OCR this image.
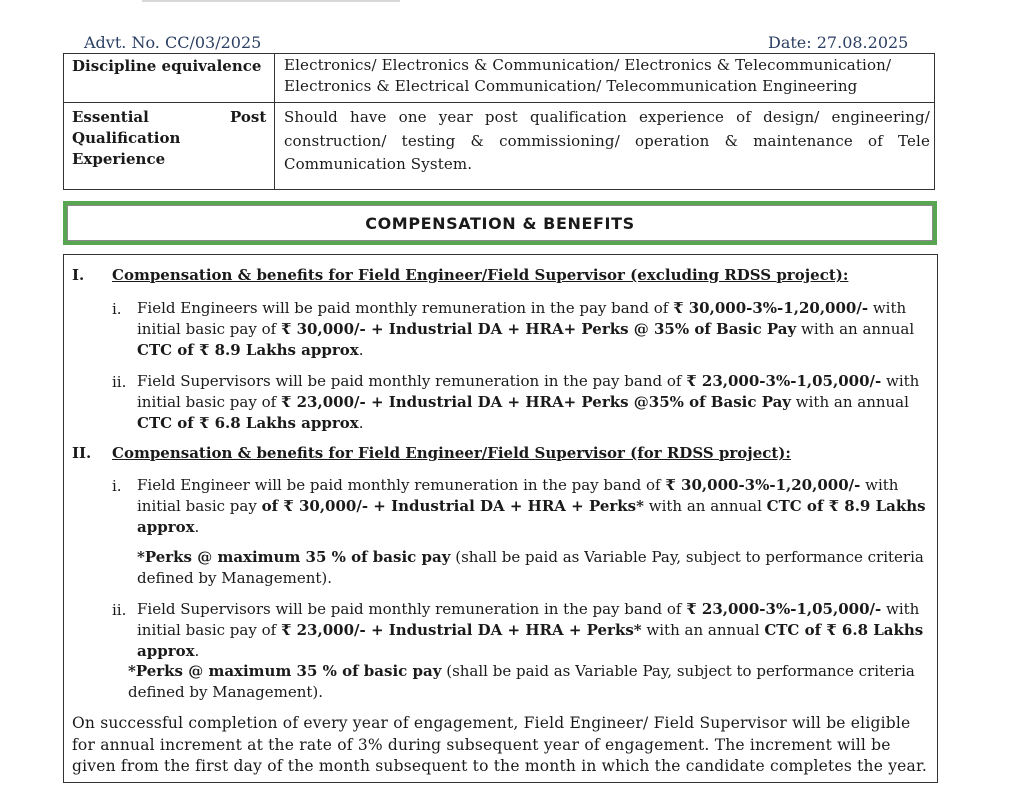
Advt. No. CC/03/2025	Date: 27.08.2025
Discipline equivalence Electronics/ Electronics & Communication/ Electronics & Telecommunication/ Electronics & Electrical Communication/ Telecommunication Engineering
Essential	Post
Qualification
Experience
Should have one year post qualification experience of design/ engineering/ construction/ testing & commissioning/ operation & maintenance of Tele Communication System.
COMPENSATION & BENEFITS
I. Compensation & benefits for Field Engineer/Field Supervisor (excluding RDSS project):
i. Field Engineers will be paid monthly remuneration in the pay band of ₹ 30,000-3%-1,20,000/- with initial basic pay of ₹ 30,000/- + Industrial DA + HRA+ Perks @ 35% of Basic Pay with an annual CTC of ₹ 8.9 Lakhs approx.
ii. Field Supervisors will be paid monthly remuneration in the pay band of ₹ 23,000-3%-1,05,000/- with initial basic pay of ₹ 23,000/- + Industrial DA + HRA+ Perks @35% of Basic Pay with an annual CTC of ₹ 6.8 Lakhs approx.
II. Compensation & benefits for Field Engineer/Field Supervisor (for RDSS project):
i. Field Engineer will be paid monthly remuneration in the pay band of ₹ 30,000-3%-1,20,000/- with initial basic pay of ₹ 30,000/- + Industrial DA + HRA + Perks* with an annual CTC of ₹ 8.9 Lakhs approx.
*Perks @ maximum 35 % of basic pay (shall be paid as Variable Pay, subject to performance criteria defined by Management).
ii. Field Supervisors will be paid monthly remuneration in the pay band of ₹ 23,000-3%-1,05,000/- with initial basic pay of ₹ 23,000/- + Industrial DA + HRA + Perks* with an annual CTC of ₹ 6.8 Lakhs approx.
*Perks @ maximum 35 % of basic pay (shall be paid as Variable Pay, subject to performance criteria defined by Management).
On successful completion of every year of engagement, Field Engineer/ Field Supervisor will be eligible for annual increment at the rate of 3% during subsequent year of engagement. The increment will be given from the first day of the month subsequent to the month in which the candidate completes the year.
